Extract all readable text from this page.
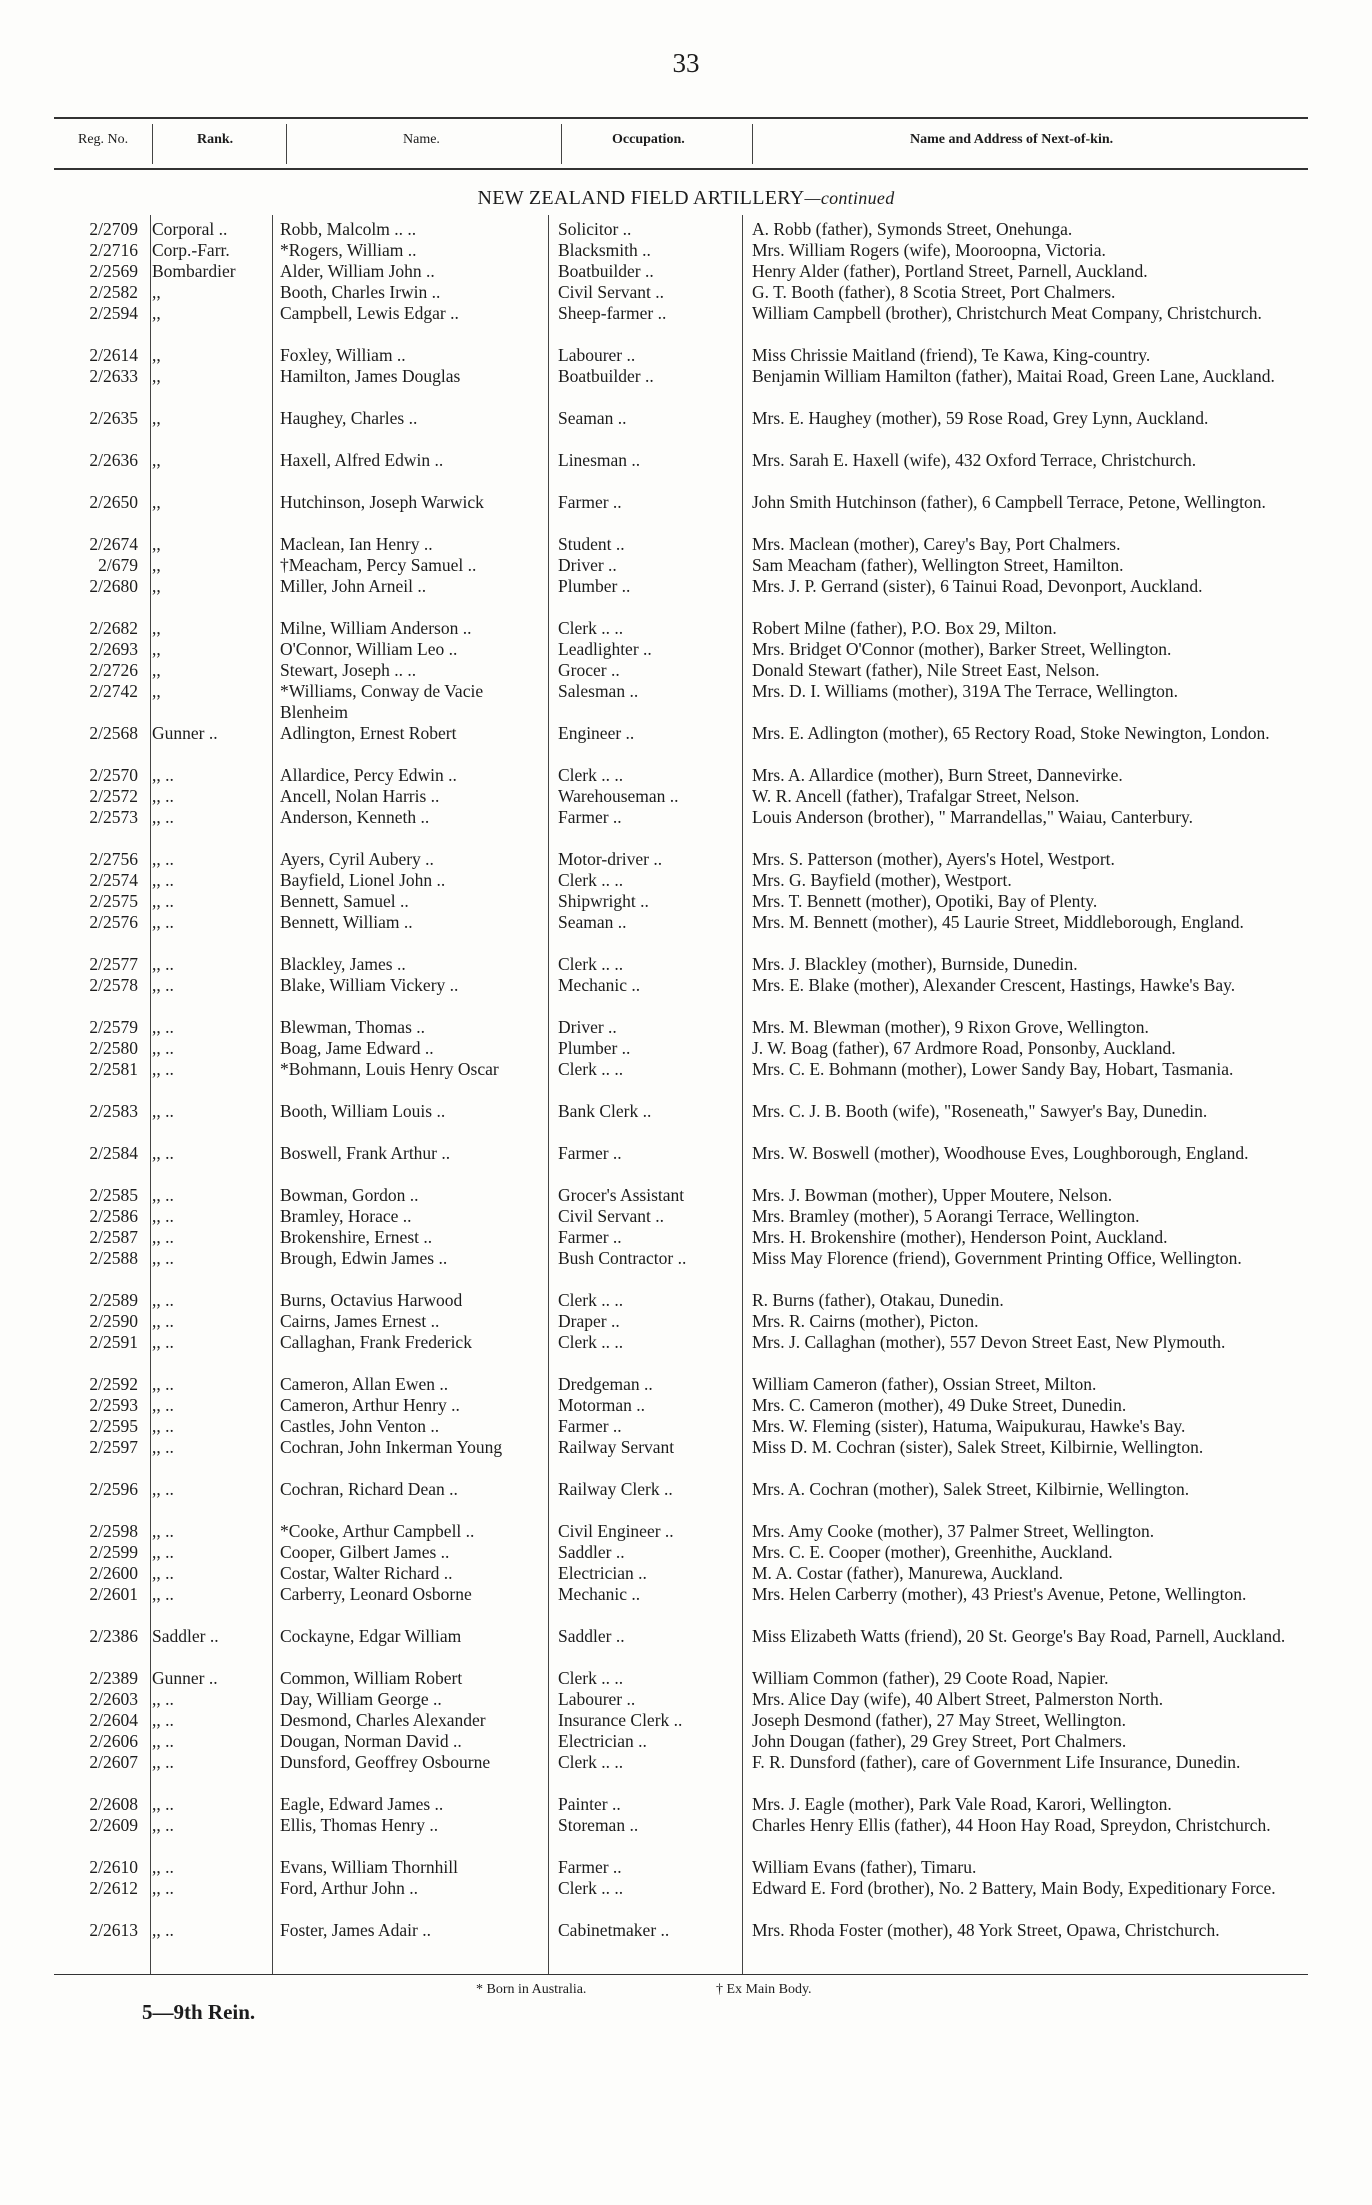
33
Reg. No.	Rank.	Name.	Occupation.	Name and Address of Next-of-kin.
NEW ZEALAND FIELD ARTILLERY—continued
2/2709 Corporal ..	Robb, Malcolm .. ..	Solicitor ..	A. Robb (father), Symonds Street, Onehunga.
2/2716 Corp.-Farr.	*Rogers, William ..	Blacksmith ..	Mrs. William Rogers (wife), Mooroopna, Victoria.
2/2569 Bombardier	Alder, William John ..	Boatbuilder ..	Henry Alder (father), Portland Street, Parnell, Auckland.
2/2582 ,,	Booth, Charles Irwin ..	Civil Servant ..	G. T. Booth (father), 8 Scotia Street, Port Chalmers.
2/2594 ,,	Campbell, Lewis Edgar ..	Sheep-farmer ..	William Campbell (brother), Christchurch Meat Company, Christchurch.
2/2614 ,,	Foxley, William ..	Labourer ..	Miss Chrissie Maitland (friend), Te Kawa, King-country.
2/2633 ,,	Hamilton, James Douglas	Boatbuilder ..	Benjamin William Hamilton (father), Maitai Road, Green Lane, Auckland.
2/2635 ,,	Haughey, Charles ..	Seaman ..	Mrs. E. Haughey (mother), 59 Rose Road, Grey Lynn, Auckland.
2/2636 ,,	Haxell, Alfred Edwin ..	Linesman ..	Mrs. Sarah E. Haxell (wife), 432 Oxford Terrace, Christchurch.
2/2650 ,,	Hutchinson, Joseph Warwick	Farmer ..	John Smith Hutchinson (father), 6 Campbell Terrace, Petone, Wellington.
2/2674 ,,	Maclean, Ian Henry ..	Student ..	Mrs. Maclean (mother), Carey's Bay, Port Chalmers.
2/679 ,,	†Meacham, Percy Samuel ..	Driver ..	Sam Meacham (father), Wellington Street, Hamilton.
2/2680 ,,	Miller, John Arneil ..	Plumber ..	Mrs. J. P. Gerrand (sister), 6 Tainui Road, Devonport, Auckland.
2/2682 ,,	Milne, William Anderson ..	Clerk .. ..	Robert Milne (father), P.O. Box 29, Milton.
2/2693 ,,	O'Connor, William Leo ..	Leadlighter ..	Mrs. Bridget O'Connor (mother), Barker Street, Wellington.
2/2726 ,,	Stewart, Joseph .. ..	Grocer ..	Donald Stewart (father), Nile Street East, Nelson.
2/2742 ,,	*Williams, Conway de Vacie Blenheim
Salesman ..	Mrs. D. I. Williams (mother), 319A The Terrace, Wellington.
2/2568 Gunner ..	Adlington, Ernest Robert	Engineer ..	Mrs. E. Adlington (mother), 65 Rectory Road, Stoke Newington, London.
2/2570 ,, ..	Allardice, Percy Edwin ..	Clerk .. ..	Mrs. A. Allardice (mother), Burn Street, Dannevirke.
2/2572 ,, ..	Ancell, Nolan Harris ..	Warehouseman ..	W. R. Ancell (father), Trafalgar Street, Nelson.
2/2573 ,, ..	Anderson, Kenneth ..	Farmer ..	Louis Anderson (brother), " Marrandellas," Waiau, Canterbury.
2/2756 ,, ..	Ayers, Cyril Aubery ..	Motor-driver ..	Mrs. S. Patterson (mother), Ayers's Hotel, Westport.
2/2574 ,, ..	Bayfield, Lionel John ..	Clerk .. ..	Mrs. G. Bayfield (mother), Westport.
2/2575 ,, ..	Bennett, Samuel ..	Shipwright ..	Mrs. T. Bennett (mother), Opotiki, Bay of Plenty.
2/2576 ,, ..	Bennett, William ..	Seaman ..	Mrs. M. Bennett (mother), 45 Laurie Street, Middleborough, England.
2/2577 ,, ..	Blackley, James ..	Clerk .. ..	Mrs. J. Blackley (mother), Burnside, Dunedin.
2/2578 ,, ..	Blake, William Vickery ..	Mechanic ..	Mrs. E. Blake (mother), Alexander Crescent, Hastings, Hawke's Bay.
2/2579 ,, ..	Blewman, Thomas ..	Driver ..	Mrs. M. Blewman (mother), 9 Rixon Grove, Wellington.
2/2580 ,, ..	Boag, Jame Edward ..	Plumber ..	J. W. Boag (father), 67 Ardmore Road, Ponsonby, Auckland.
2/2581 ,, ..	*Bohmann, Louis Henry Oscar	Clerk .. ..	Mrs. C. E. Bohmann (mother), Lower Sandy Bay, Hobart, Tasmania.
2/2583 ,, ..	Booth, William Louis ..	Bank Clerk ..	Mrs. C. J. B. Booth (wife), "Roseneath," Sawyer's Bay, Dunedin.
2/2584 ,, ..	Boswell, Frank Arthur ..	Farmer ..	Mrs. W. Boswell (mother), Woodhouse Eves, Loughborough, England.
2/2585 ,, ..	Bowman, Gordon ..	Grocer's Assistant	Mrs. J. Bowman (mother), Upper Moutere, Nelson.
2/2586 ,, ..	Bramley, Horace ..	Civil Servant ..	Mrs. Bramley (mother), 5 Aorangi Terrace, Wellington.
2/2587 ,, ..	Brokenshire, Ernest ..	Farmer ..	Mrs. H. Brokenshire (mother), Henderson Point, Auckland.
2/2588 ,, ..	Brough, Edwin James ..	Bush Contractor ..	Miss May Florence (friend), Government Printing Office, Wellington.
2/2589 ,, ..	Burns, Octavius Harwood	Clerk .. ..	R. Burns (father), Otakau, Dunedin.
2/2590 ,, ..	Cairns, James Ernest ..	Draper ..	Mrs. R. Cairns (mother), Picton.
2/2591 ,, ..	Callaghan, Frank Frederick	Clerk .. ..	Mrs. J. Callaghan (mother), 557 Devon Street East, New Plymouth.
2/2592 ,, ..	Cameron, Allan Ewen ..	Dredgeman ..	William Cameron (father), Ossian Street, Milton.
2/2593 ,, ..	Cameron, Arthur Henry ..	Motorman ..	Mrs. C. Cameron (mother), 49 Duke Street, Dunedin.
2/2595 ,, ..	Castles, John Venton ..	Farmer ..	Mrs. W. Fleming (sister), Hatuma, Waipukurau, Hawke's Bay.
2/2597 ,, ..	Cochran, John Inkerman Young	Railway Servant	Miss D. M. Cochran (sister), Salek Street, Kilbirnie, Wellington.
2/2596 ,, ..	Cochran, Richard Dean ..	Railway Clerk ..	Mrs. A. Cochran (mother), Salek Street, Kilbirnie, Wellington.
2/2598 ,, ..	*Cooke, Arthur Campbell ..	Civil Engineer ..	Mrs. Amy Cooke (mother), 37 Palmer Street, Wellington.
2/2599 ,, ..	Cooper, Gilbert James ..	Saddler ..	Mrs. C. E. Cooper (mother), Greenhithe, Auckland.
2/2600 ,, ..	Costar, Walter Richard ..	Electrician ..	M. A. Costar (father), Manurewa, Auckland.
2/2601 ,, ..	Carberry, Leonard Osborne	Mechanic ..	Mrs. Helen Carberry (mother), 43 Priest's Avenue, Petone, Wellington.
2/2386 Saddler ..	Cockayne, Edgar William	Saddler ..	Miss Elizabeth Watts (friend), 20 St. George's Bay Road, Parnell, Auckland.
2/2389 Gunner ..	Common, William Robert	Clerk .. ..	William Common (father), 29 Coote Road, Napier.
2/2603 ,, ..	Day, William George ..	Labourer ..	Mrs. Alice Day (wife), 40 Albert Street, Palmerston North.
2/2604 ,, ..	Desmond, Charles Alexander	Insurance Clerk ..	Joseph Desmond (father), 27 May Street, Wellington.
2/2606 ,, ..	Dougan, Norman David ..	Electrician ..	John Dougan (father), 29 Grey Street, Port Chalmers.
2/2607 ,, ..	Dunsford, Geoffrey Osbourne	Clerk .. ..	F. R. Dunsford (father), care of Government Life Insurance, Dunedin.
2/2608 ,, ..	Eagle, Edward James ..	Painter ..	Mrs. J. Eagle (mother), Park Vale Road, Karori, Wellington.
2/2609 ,, ..	Ellis, Thomas Henry ..	Storeman ..	Charles Henry Ellis (father), 44 Hoon Hay Road, Spreydon, Christchurch.
2/2610 ,, ..	Evans, William Thornhill	Farmer ..	William Evans (father), Timaru.
2/2612 ,, ..	Ford, Arthur John ..	Clerk .. ..	Edward E. Ford (brother), No. 2 Battery, Main Body, Expeditionary Force.
2/2613 ,, ..	Foster, James Adair ..	Cabinetmaker ..	Mrs. Rhoda Foster (mother), 48 York Street, Opawa, Christchurch.
* Born in Australia.	† Ex Main Body.
5—9th Rein.
